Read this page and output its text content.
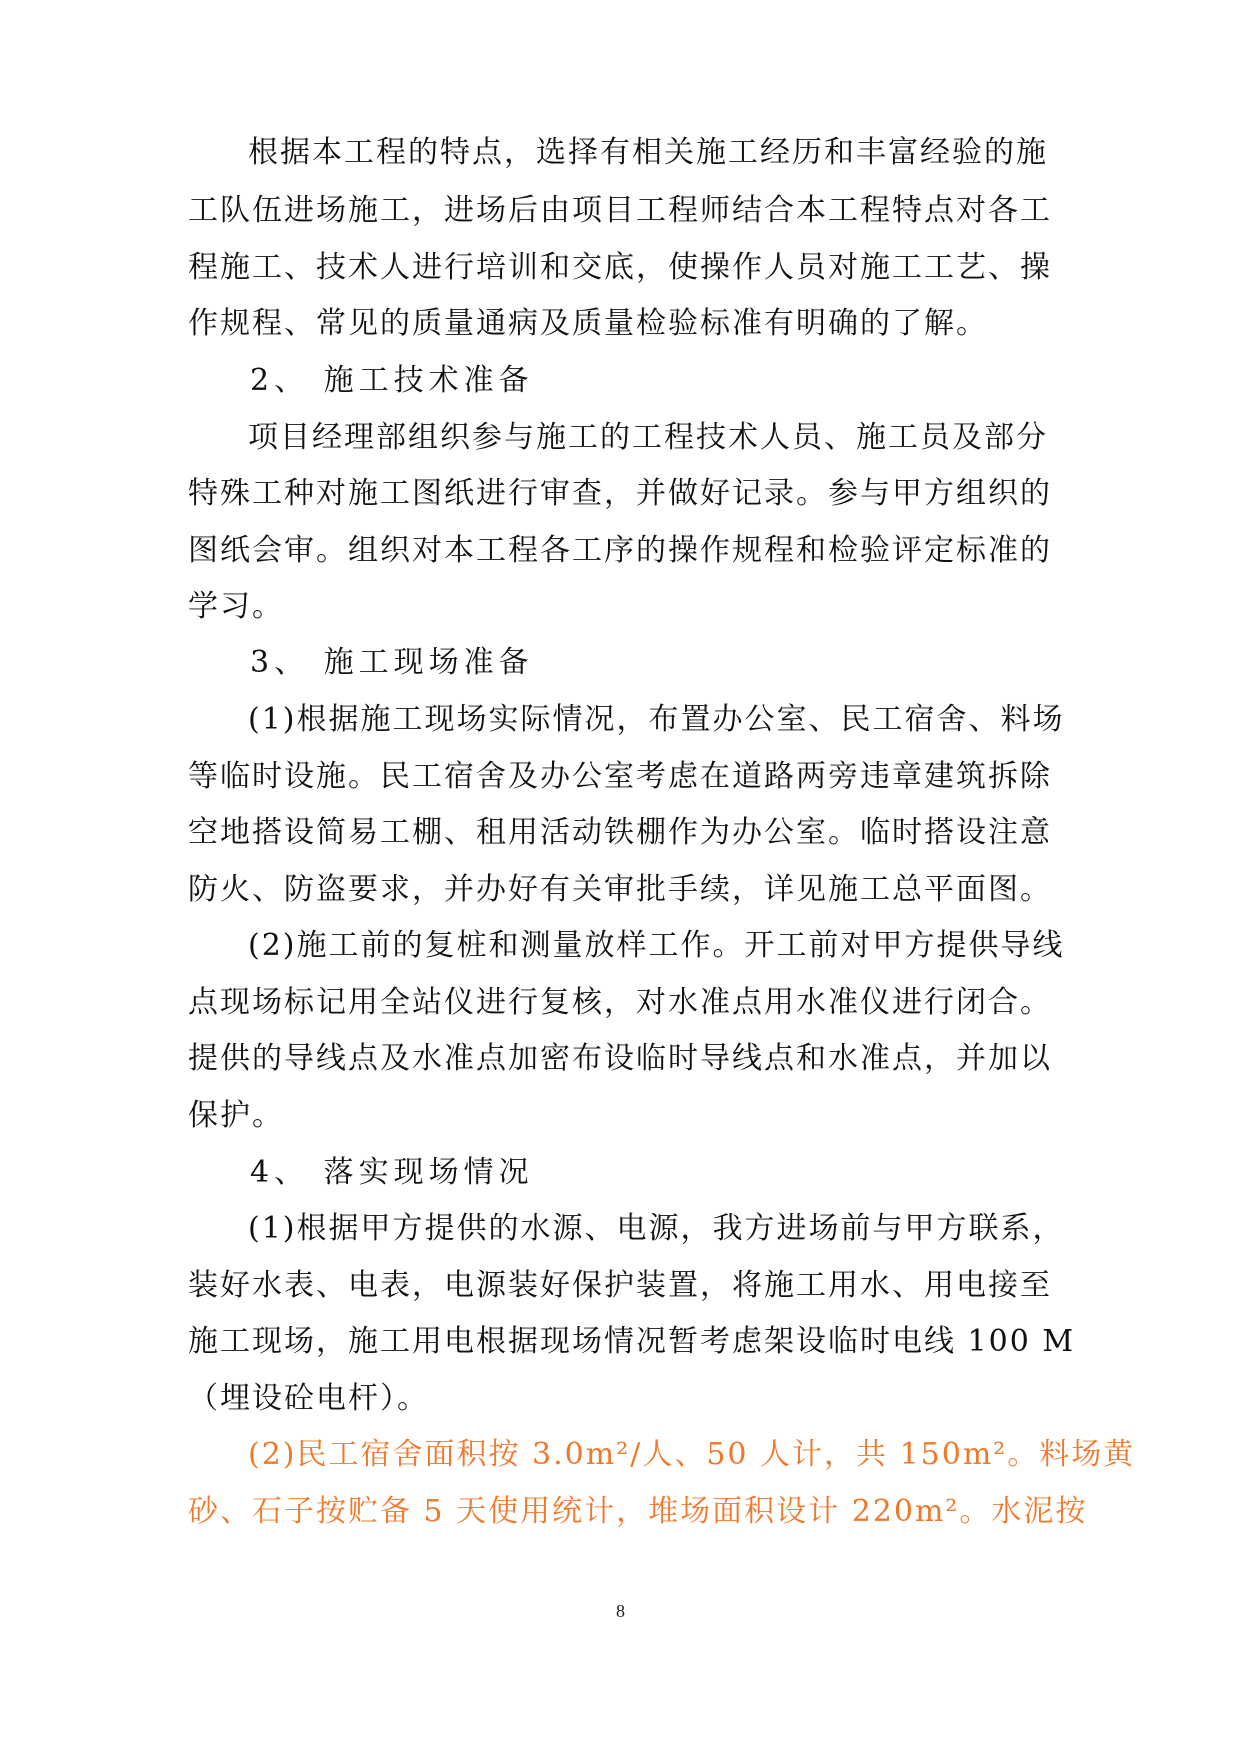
根据本工程的特点，选择有相关施工经历和丰富经验的施
工队伍进场施工，进场后由项目工程师结合本工程特点对各工
程施工、技术人进行培训和交底，使操作人员对施工工艺、操
作规程、常见的质量通病及质量检验标准有明确的了解。
2、 施工技术准备
项目经理部组织参与施工的工程技术人员、施工员及部分
特殊工种对施工图纸进行审查，并做好记录。参与甲方组织的
图纸会审。组织对本工程各工序的操作规程和检验评定标准的
学习。
3、 施工现场准备
(1)根据施工现场实际情况，布置办公室、民工宿舍、料场
等临时设施。民工宿舍及办公室考虑在道路两旁违章建筑拆除
空地搭设简易工棚、租用活动铁棚作为办公室。临时搭设注意
防火、防盗要求，并办好有关审批手续，详见施工总平面图。
(2)施工前的复桩和测量放样工作。开工前对甲方提供导线
点现场标记用全站仪进行复核，对水准点用水准仪进行闭合。
提供的导线点及水准点加密布设临时导线点和水准点，并加以
保护。
4、 落实现场情况
(1)根据甲方提供的水源、电源，我方进场前与甲方联系，
装好水表、电表，电源装好保护装置，将施工用水、用电接至
施工现场，施工用电根据现场情况暂考虑架设临时电线 100 M
（埋设砼电杆）。
(2)民工宿舍面积按 3.0m²/人、50 人计，共 150m²。料场黄
砂、石子按贮备 5 天使用统计，堆场面积设计 220m²。水泥按
8
